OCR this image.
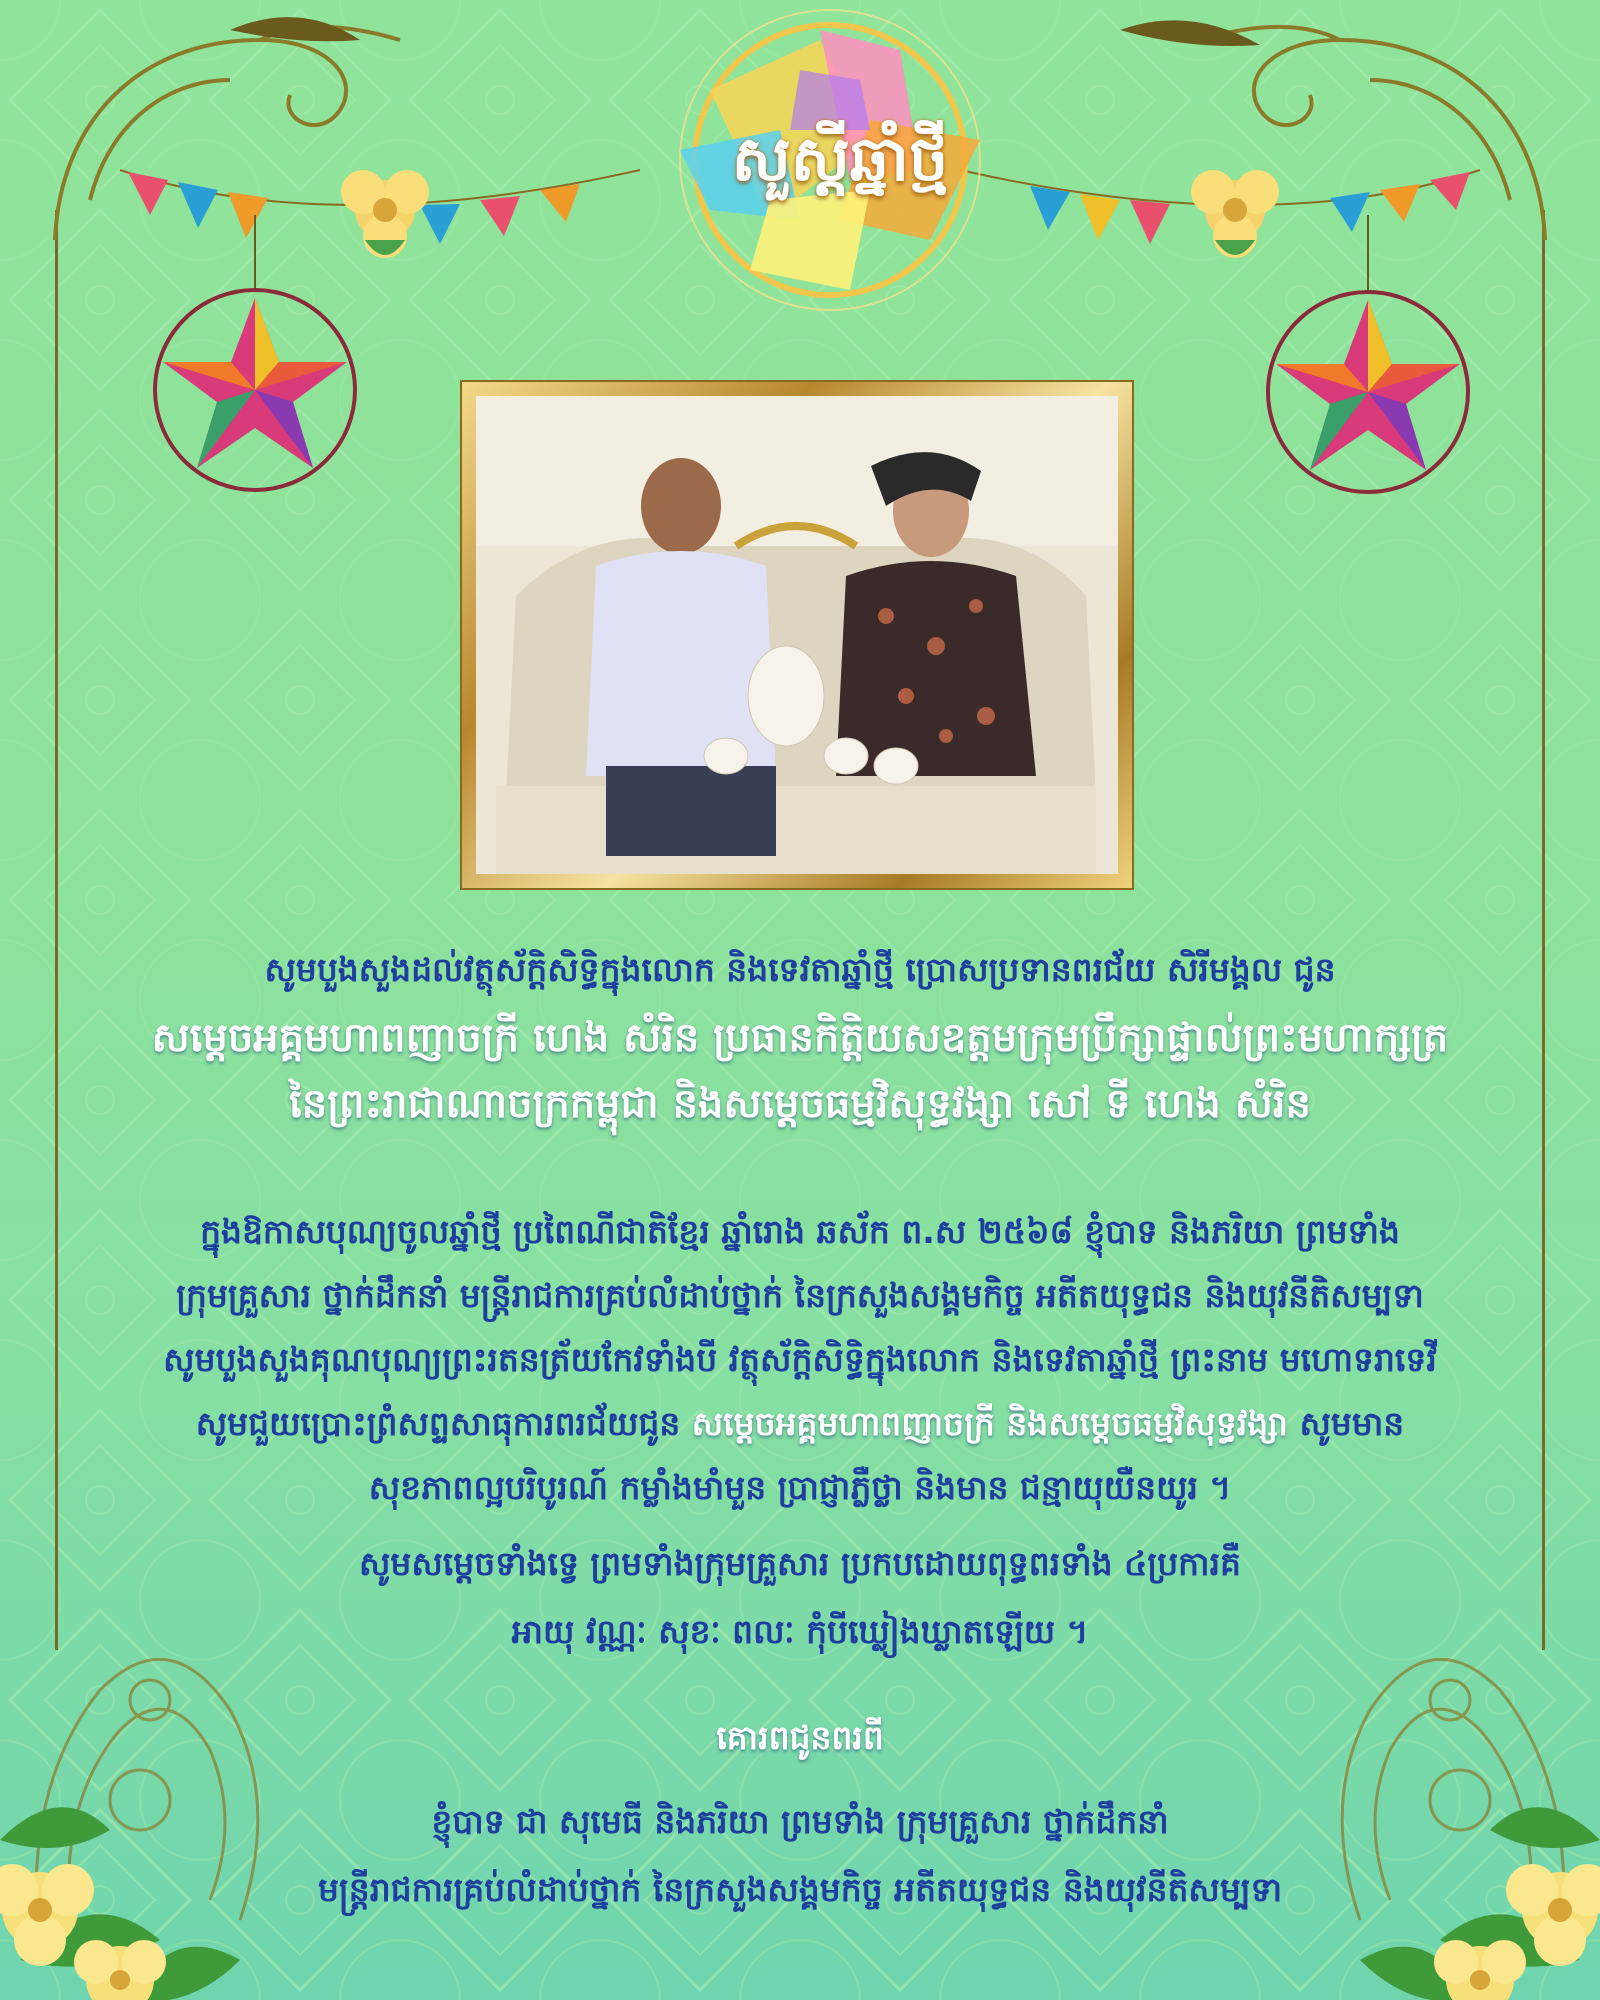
សួស្តីឆ្នាំថ្មី
សូមបួងសួងដល់វត្ថុស័ក្តិសិទ្ធិក្នុងលោក និងទេវតាឆ្នាំថ្មី ប្រោសប្រទានពរជ័យ សិរីមង្គល ជូន
សម្តេចអគ្គមហាពញាចក្រី ហេង សំរិន ប្រធានកិត្តិយសឧត្តមក្រុមប្រឹក្សាផ្ទាល់ព្រះមហាក្សត្រ
នៃព្រះរាជាណាចក្រកម្ពុជា និងសម្តេចធម្មវិសុទ្ធវង្សា សៅ ទី ហេង សំរិន
ក្នុងឱកាសបុណ្យចូលឆ្នាំថ្មី ប្រពៃណីជាតិខ្មែរ ឆ្នាំរោង ឆស័ក ព.ស ២៥៦៨ ខ្ញុំបាទ និងភរិយា ព្រមទាំង
ក្រុមគ្រួសារ ថ្នាក់ដឹកនាំ មន្ត្រីរាជការគ្រប់លំដាប់ថ្នាក់ នៃក្រសួងសង្គមកិច្ច អតីតយុទ្ធជន និងយុវនីតិសម្បទា
សូមបួងសួងគុណបុណ្យព្រះរតនត្រ័យកែវទាំងបី វត្ថុស័ក្តិសិទ្ធិក្នុងលោក និងទេវតាឆ្នាំថ្មី ព្រះនាម មហោទរាទេវី
សូមជួយប្រោះព្រំសព្ទសាធុការពរជ័យជូន សម្តេចអគ្គមហាពញាចក្រី និងសម្តេចធម្មវិសុទ្ធវង្សា សូមមាន
សុខភាពល្អបរិបូរណ៍ កម្លាំងមាំមួន ប្រាជ្ញាភ្លឺថ្លា និងមាន ជន្មាយុយឺនយូរ ។
សូមសម្តេចទាំងទ្វេ ព្រមទាំងក្រុមគ្រួសារ ប្រកបដោយពុទ្ធពរទាំង ៤ប្រការគឺ
អាយុ វណ្ណៈ សុខៈ ពលៈ កុំបីឃ្លៀងឃ្លាតឡើយ ។
គោរពជូនពរពី
ខ្ញុំបាទ ជា សុមេធី និងភរិយា ព្រមទាំង ក្រុមគ្រួសារ ថ្នាក់ដឹកនាំ
មន្ត្រីរាជការគ្រប់លំដាប់ថ្នាក់ នៃក្រសួងសង្គមកិច្ច អតីតយុទ្ធជន និងយុវនីតិសម្បទា
